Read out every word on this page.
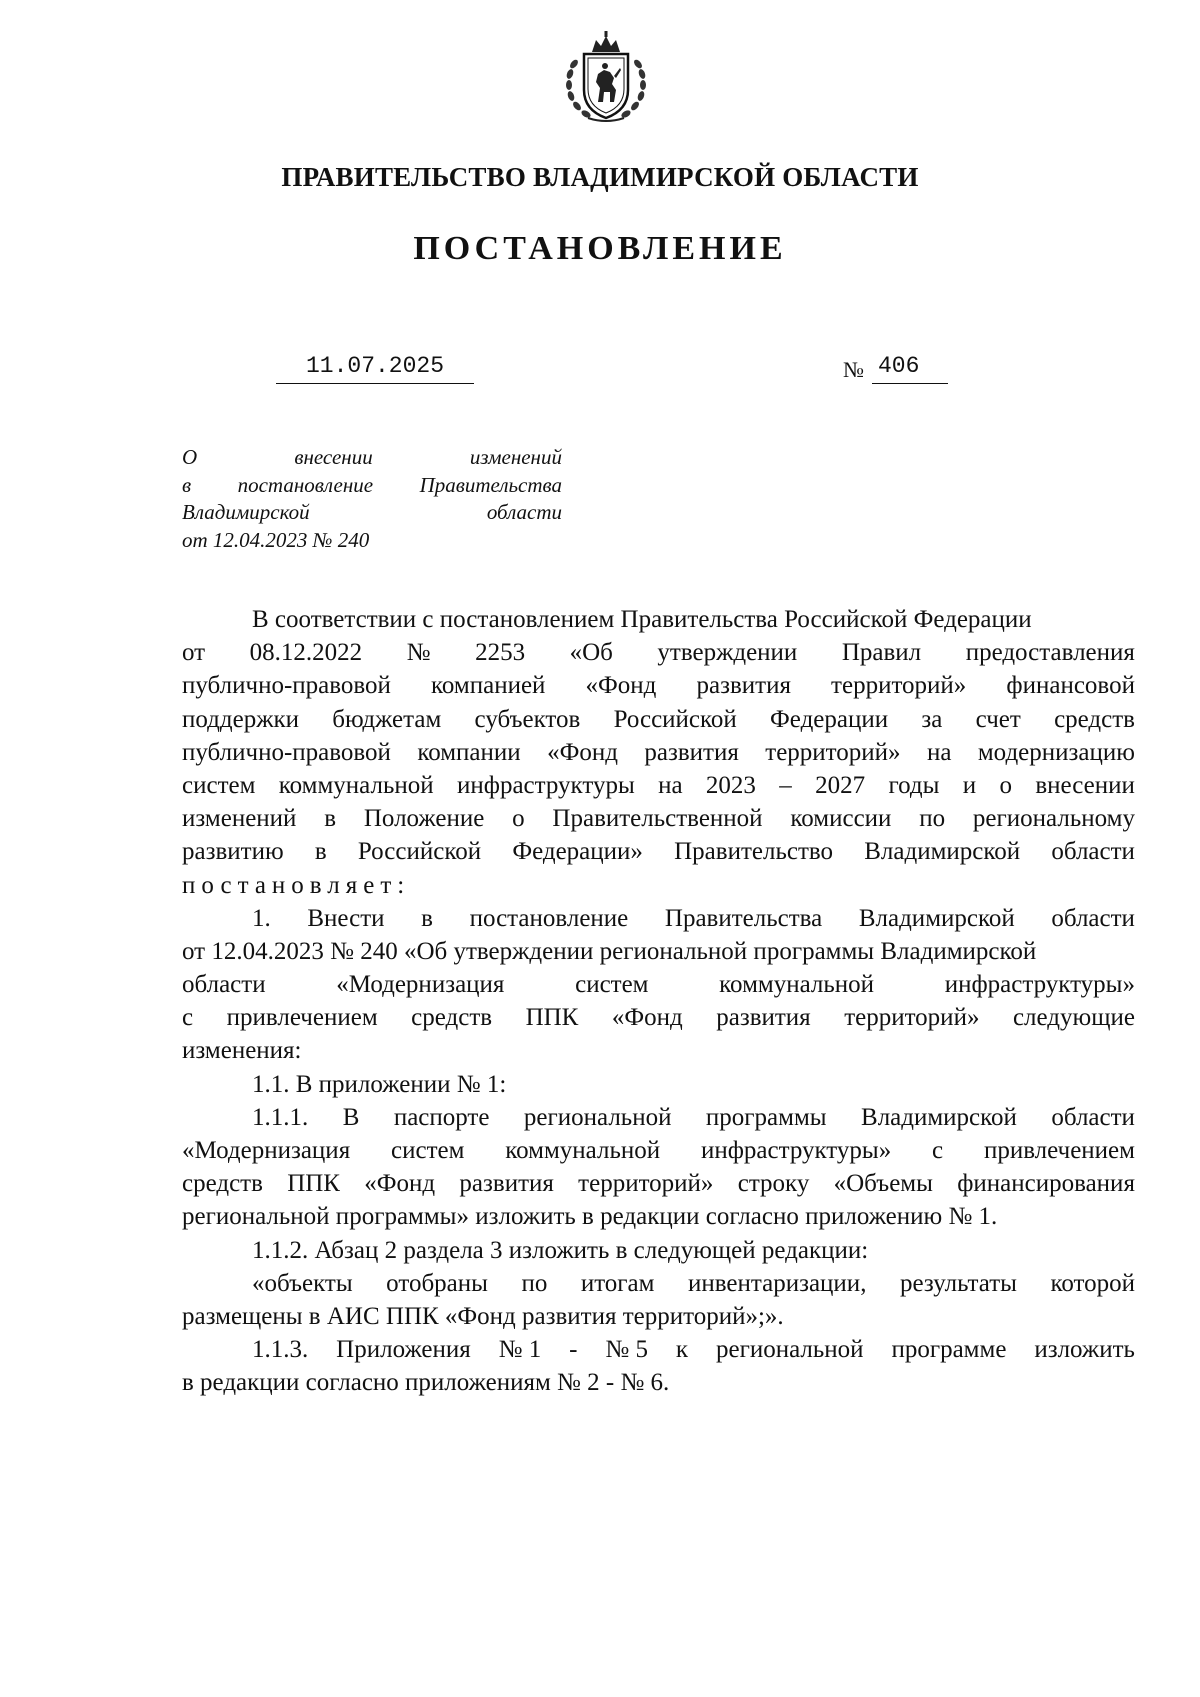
ПРАВИТЕЛЬСТВО ВЛАДИМИРСКОЙ ОБЛАСТИ
ПОСТАНОВЛЕНИЕ
11.07.2025	№ 406
О	внесении	изменений
в постановление Правительства
Владимирской	области
от 12.04.2023 № 240
В соответствии с постановлением Правительства Российской Федерации
от 08.12.2022 № 2253 «Об утверждении Правил предоставления
публично-правовой компанией «Фонд развития территорий» финансовой
поддержки бюджетам субъектов Российской Федерации за счет средств
публично-правовой компании «Фонд развития территорий» на модернизацию
систем коммунальной инфраструктуры на 2023 – 2027 годы и о внесении
изменений в Положение о Правительственной комиссии по региональному
развитию в Российской Федерации» Правительство Владимирской области
постановляет:
1. Внести в постановление Правительства Владимирской области
от 12.04.2023 № 240 «Об утверждении региональной программы Владимирской
области	«Модернизация	систем	коммунальной	инфраструктуры»
с привлечением средств ППК «Фонд развития территорий» следующие
изменения:
1.1. В приложении № 1:
1.1.1. В паспорте региональной программы Владимирской области
«Модернизация систем коммунальной инфраструктуры» с привлечением
средств ППК «Фонд развития территорий» строку «Объемы финансирования
региональной программы» изложить в редакции согласно приложению № 1.
1.1.2. Абзац 2 раздела 3 изложить в следующей редакции:
«объекты отобраны по итогам инвентаризации, результаты которой
размещены в АИС ППК «Фонд развития территорий»;».
1.1.3. Приложения № 1 - № 5 к региональной программе изложить
в редакции согласно приложениям № 2 - № 6.
